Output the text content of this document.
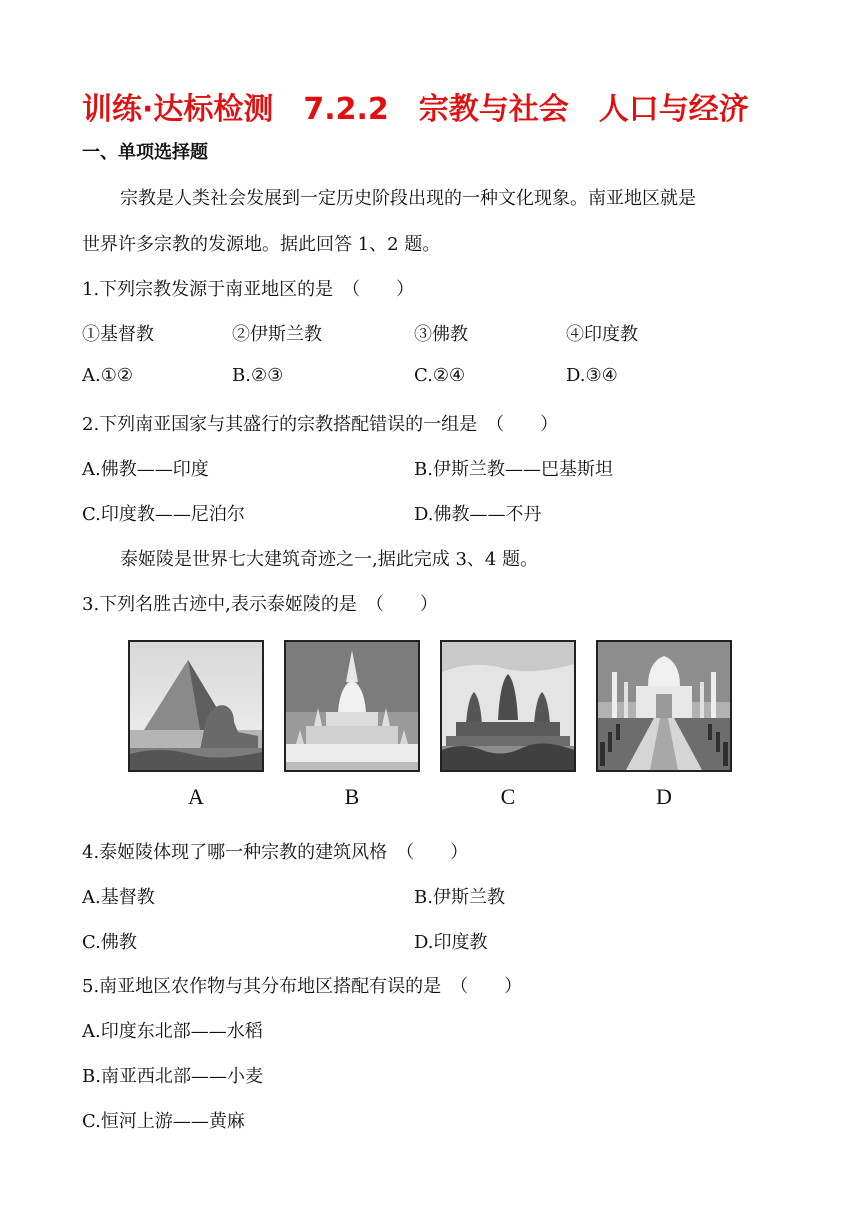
训练·达标检测　7.2.2　宗教与社会　人口与经济
一、单项选择题
宗教是人类社会发展到一定历史阶段出现的一种文化现象。南亚地区就是
世界许多宗教的发源地。据此回答 1、2 题。
1.下列宗教发源于南亚地区的是　（　　）
①基督教	②伊斯兰教	③佛教	④印度教
A.①②	B.②③	C.②④	D.③④
2.下列南亚国家与其盛行的宗教搭配错误的一组是　（　　）
A.佛教——印度	B.伊斯兰教——巴基斯坦
C.印度教——尼泊尔	D.佛教——不丹
泰姬陵是世界七大建筑奇迹之一,据此完成 3、4 题。
3.下列名胜古迹中,表示泰姬陵的是　（　　）
A	B	C	D
4.泰姬陵体现了哪一种宗教的建筑风格　（　　）
A.基督教	B.伊斯兰教
C.佛教	D.印度教
5.南亚地区农作物与其分布地区搭配有误的是　（　　）
A.印度东北部——水稻
B.南亚西北部——小麦
C.恒河上游——黄麻
